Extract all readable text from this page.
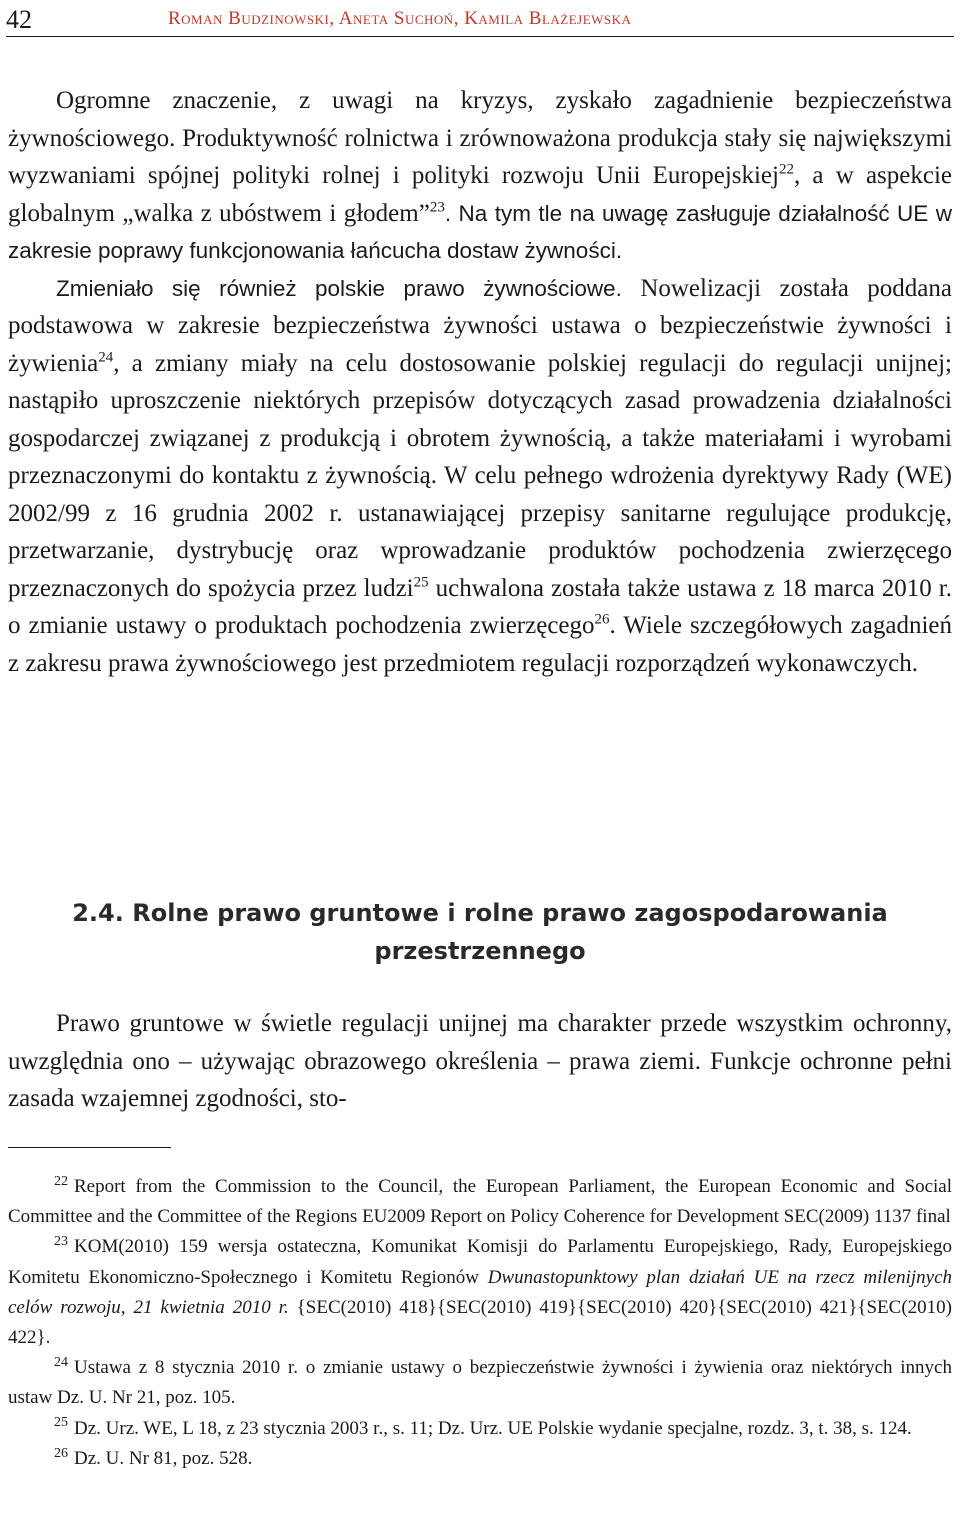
42	Roman Budzinowski, Aneta Suchoń, Kamila Błażejewska

Ogromne znaczenie, z uwagi na kryzys, zyskało zagadnienie bezpieczeństwa żywnościowego. Produktywność rolnictwa i zrównoważona produkcja stały się największymi wyzwaniami spójnej polityki rolnej i polityki rozwoju Unii Europejskiej$^{22}$, a w aspekcie globalnym „walka z ubóstwem i głodem”$^{23}$. Na tym tle na uwagę zasługuje działalność UE w zakresie poprawy funkcjonowania łańcucha dostaw żywności.

Zmieniało się również polskie prawo żywnościowe. Nowelizacji została poddana podstawowa w zakresie bezpieczeństwa żywności ustawa o bezpieczeństwie żywności i żywienia$^{24}$, a zmiany miały na celu dostosowanie polskiej regulacji do regulacji unijnej; nastąpiło uproszczenie niektórych przepisów dotyczących zasad prowadzenia działalności gospodarczej związanej z produkcją i obrotem żywnością, a także materiałami i wyrobami przeznaczonymi do kontaktu z żywnością. W celu pełnego wdrożenia dyrektywy Rady (WE) 2002/99 z 16 grudnia 2002 r. ustanawiającej przepisy sanitarne regulujące produkcję, przetwarzanie, dystrybucję oraz wprowadzanie produktów pochodzenia zwierzęcego przeznaczonych do spożycia przez ludzi$^{25}$ uchwalona została także ustawa z 18 marca 2010 r. o zmianie ustawy o produktach pochodzenia zwierzęcego$^{26}$. Wiele szczegółowych zagadnień z zakresu prawa żywnościowego jest przedmiotem regulacji rozporządzeń wykonawczych.

2.4. Rolne prawo gruntowe i rolne prawo zagospodarowania przestrzennego

Prawo gruntowe w świetle regulacji unijnej ma charakter przede wszystkim ochronny, uwzględnia ono – używając obrazowego określenia – prawa ziemi. Funkcje ochronne pełni zasada wzajemnej zgodności, sto-

$^{22}$ Report from the Commission to the Council, the European Parliament, the European Economic and Social Committee and the Committee of the Regions EU2009 Report on Policy Coherence for Development SEC(2009) 1137 final

$^{23}$ KOM(2010) 159 wersja ostateczna, Komunikat Komisji do Parlamentu Europejskiego, Rady, Europejskiego Komitetu Ekonomiczno-Społecznego i Komitetu Regionów Dwunastopunktowy plan działań UE na rzecz milenijnych celów rozwoju, 21 kwietnia 2010 r. {SEC(2010) 418}{SEC(2010) 419}{SEC(2010) 420}{SEC(2010) 421}{SEC(2010) 422}.

$^{24}$ Ustawa z 8 stycznia 2010 r. o zmianie ustawy o bezpieczeństwie żywności i żywienia oraz niektórych innych ustaw Dz. U. Nr 21, poz. 105.

$^{25}$ Dz. Urz. WE, L 18, z 23 stycznia 2003 r., s. 11; Dz. Urz. UE Polskie wydanie specjalne, rozdz. 3, t. 38, s. 124.

$^{26}$ Dz. U. Nr 81, poz. 528.
